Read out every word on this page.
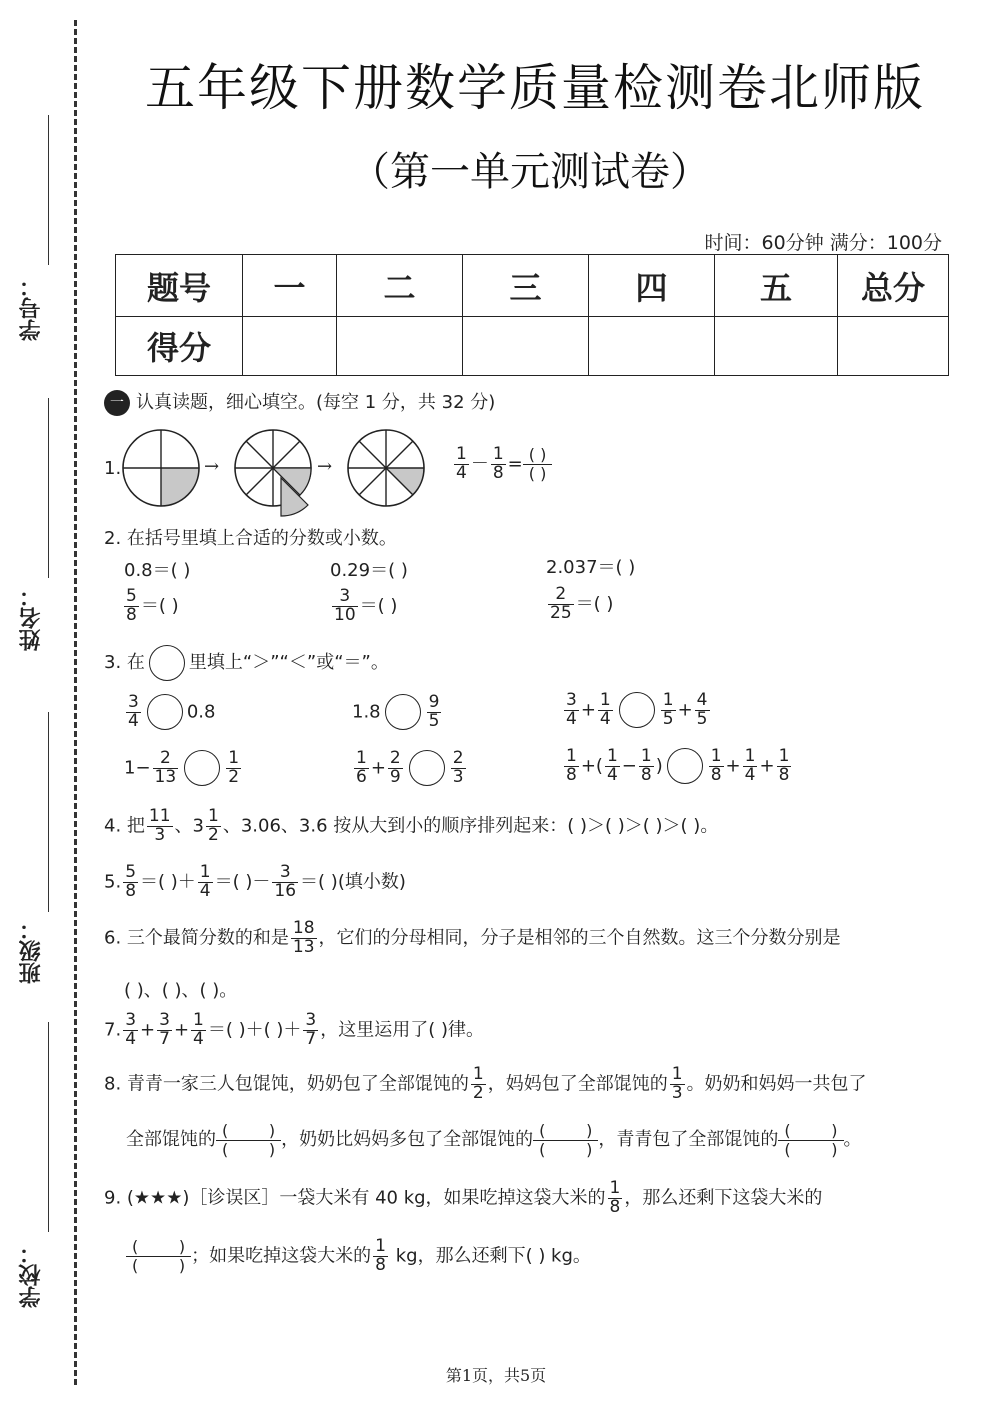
学号：
姓名：
班级：
学校：
五年级下册数学质量检测卷北师版
（第一单元测试卷）
时间：60分钟 满分：100分
题号	一	二	三	四	五	总分
得分						
一 认真读题，细心填空。(每空 1 分，共 32 分)
1.	→	→	$\frac{1}{4} - \frac{1}{8}$ = ( )
( )
2. 在括号里填上合适的分数或小数。
0.8＝( )	0.29＝( )	2.037＝( )
$\frac{5}{8}$ ＝( )	$\frac{3}{10}$ ＝( )	$\frac{2}{25}$ ＝( )
3. 在 里填上“＞”“＜”或“＝”。
$\frac{3}{4}$	0.8	1.8	$\frac{9}{5}$	$\frac{3}{4} + \frac{1}{4}$	$\frac{1}{5} + \frac{4}{5}$
$1- \frac{2}{13}$	$\frac{1}{2}$	$\frac{1}{6} + \frac{2}{9}$	$\frac{2}{3}$	$\frac{1}{8}$ +( $\frac{1}{4} - \frac{1}{8}$ )	$\frac{1}{8} + \frac{1}{4} + \frac{1}{8}$
4. 把 $\frac{11}{3}$ 、$3 \frac{1}{2}$ 、3.06、3.6 按从大到小的顺序排列起来：( )＞( )＞( )＞( )。
5. $\frac{5}{8}$ ＝( )＋ $\frac{1}{4}$ ＝( )－ $\frac{3}{16}$ ＝( )(填小数)
6. 三个最简分数的和是 $\frac{18}{13}$ ，它们的分母相同，分子是相邻的三个自然数。这三个分数分别是
( )、( )、( )。
7. $\frac{3}{4} + \frac{3}{7} + \frac{1}{4}$ ＝( )＋( )＋ $\frac{3}{7}$ ，这里运用了( )律。
8. 青青一家三人包馄饨，奶奶包了全部馄饨的 $\frac{1}{2}$ ，妈妈包了全部馄饨的 $\frac{1}{3}$ 。奶奶和妈妈一共包了
全部馄饨的 (        )
(        ) ，奶奶比妈妈多包了全部馄饨的 (        )
(        ) ，青青包了全部馄饨的 (        )
(        ) 。
9. (★★★)［诊误区］一袋大米有 40 kg，如果吃掉这袋大米的 $\frac{1}{8}$ ，那么还剩下这袋大米的
(        )
(        ) ；如果吃掉这袋大米的 $\frac{1}{8}$ kg，那么还剩下( ) kg。
第1页，共5页
